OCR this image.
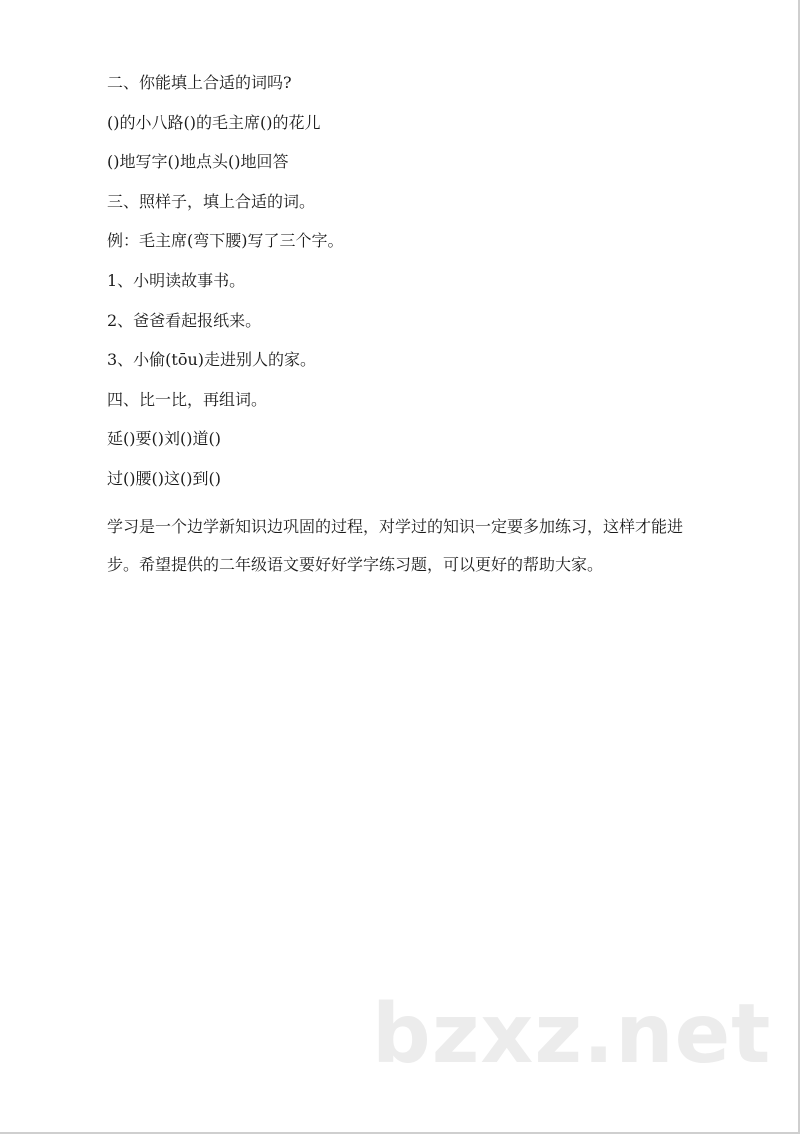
二、你能填上合适的词吗?
()的小八路()的毛主席()的花儿
()地写字()地点头()地回答
三、照样子，填上合适的词。
例：毛主席(弯下腰)写了三个字。
1、小明读故事书。
2、爸爸看起报纸来。
3、小偷(tōu)走进别人的家。
四、比一比，再组词。
延()要()刘()道()
过()腰()这()到()

学习是一个边学新知识边巩固的过程，对学过的知识一定要多加练习，这样才能进步。希望提供的二年级语文要好好学字练习题，可以更好的帮助大家。

bzxz.net
